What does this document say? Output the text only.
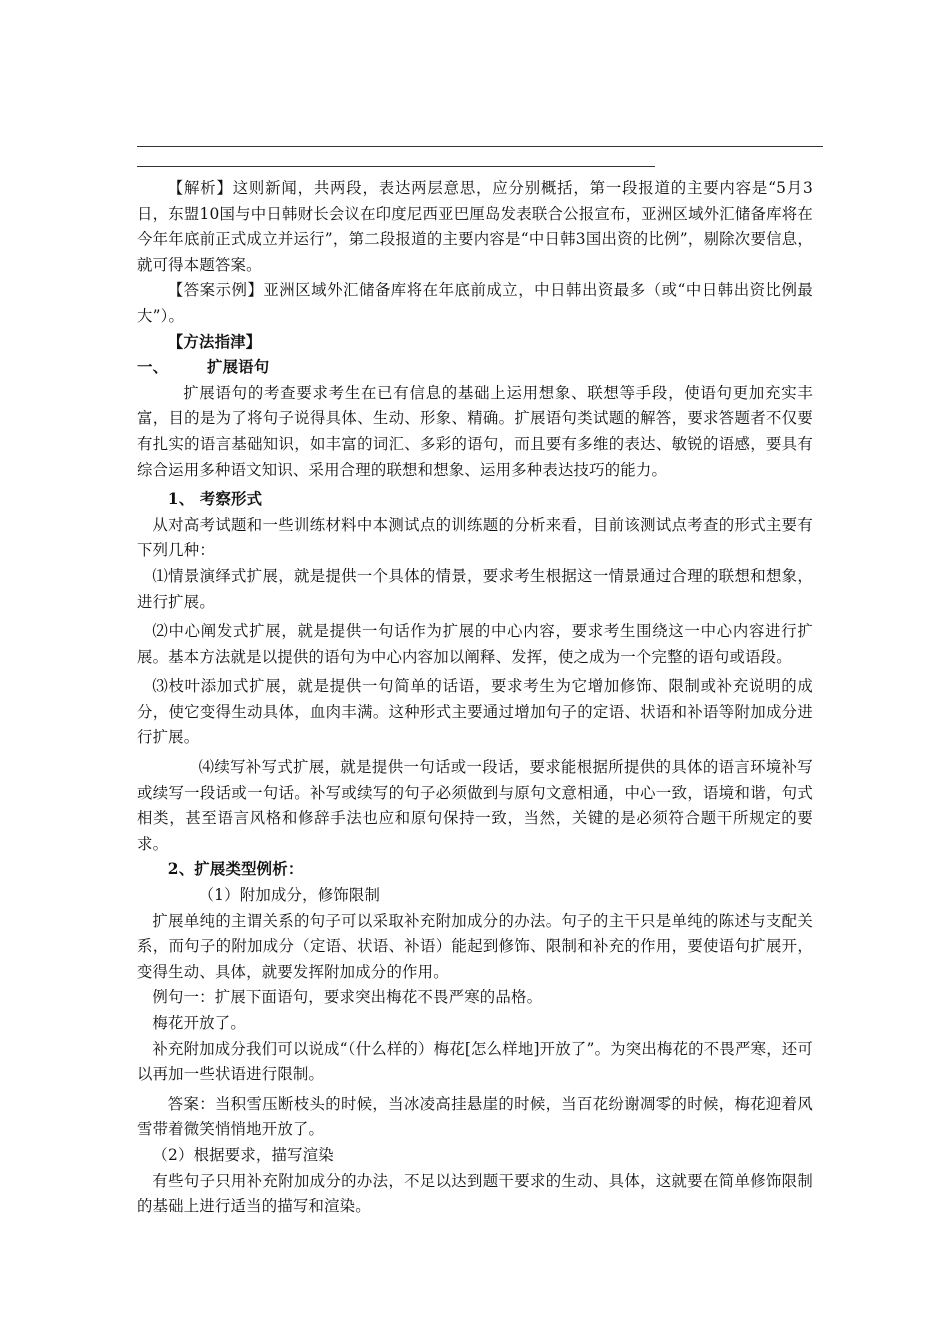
【解析】这则新闻，共两段，表达两层意思，应分别概括，第一段报道的主要内容是“5月3日，东盟10国与中日韩财长会议在印度尼西亚巴厘岛发表联合公报宣布，亚洲区域外汇储备库将在今年年底前正式成立并运行”，第二段报道的主要内容是“中日韩3国出资的比例”，剔除次要信息，就可得本题答案。

【答案示例】亚洲区域外汇储备库将在年底前成立，中日韩出资最多（或“中日韩出资比例最大”）。

【方法指津】

一、	扩展语句

扩展语句的考查要求考生在已有信息的基础上运用想象、联想等手段，使语句更加充实丰富，目的是为了将句子说得具体、生动、形象、精确。扩展语句类试题的解答，要求答题者不仅要有扎实的语言基础知识，如丰富的词汇、多彩的语句，而且要有多维的表达、敏锐的语感，要具有综合运用多种语文知识、采用合理的联想和想象、运用多种表达技巧的能力。

1、 考察形式

从对高考试题和一些训练材料中本测试点的训练题的分析来看，目前该测试点考查的形式主要有下列几种：

⑴情景演绎式扩展，就是提供一个具体的情景，要求考生根据这一情景通过合理的联想和想象，进行扩展。

⑵中心阐发式扩展，就是提供一句话作为扩展的中心内容，要求考生围绕这一中心内容进行扩展。基本方法就是以提供的语句为中心内容加以阐释、发挥，使之成为一个完整的语句或语段。

⑶枝叶添加式扩展，就是提供一句简单的话语，要求考生为它增加修饰、限制或补充说明的成分，使它变得生动具体，血肉丰满。这种形式主要通过增加句子的定语、状语和补语等附加成分进行扩展。

⑷续写补写式扩展，就是提供一句话或一段话，要求能根据所提供的具体的语言环境补写或续写一段话或一句话。补写或续写的句子必须做到与原句文意相通，中心一致，语境和谐，句式相类，甚至语言风格和修辞手法也应和原句保持一致，当然，关键的是必须符合题干所规定的要求。

2、扩展类型例析：

（1）附加成分，修饰限制

扩展单纯的主谓关系的句子可以采取补充附加成分的办法。句子的主干只是单纯的陈述与支配关系，而句子的附加成分（定语、状语、补语）能起到修饰、限制和补充的作用，要使语句扩展开，变得生动、具体，就要发挥附加成分的作用。

例句一：扩展下面语句，要求突出梅花不畏严寒的品格。

梅花开放了。

补充附加成分我们可以说成“（什么样的）梅花[怎么样地]开放了”。为突出梅花的不畏严寒，还可以再加一些状语进行限制。

答案：当积雪压断枝头的时候，当冰凌高挂悬崖的时候，当百花纷谢凋零的时候，梅花迎着风雪带着微笑悄悄地开放了。

（2）根据要求，描写渲染

有些句子只用补充附加成分的办法，不足以达到题干要求的生动、具体，这就要在简单修饰限制的基础上进行适当的描写和渲染。
